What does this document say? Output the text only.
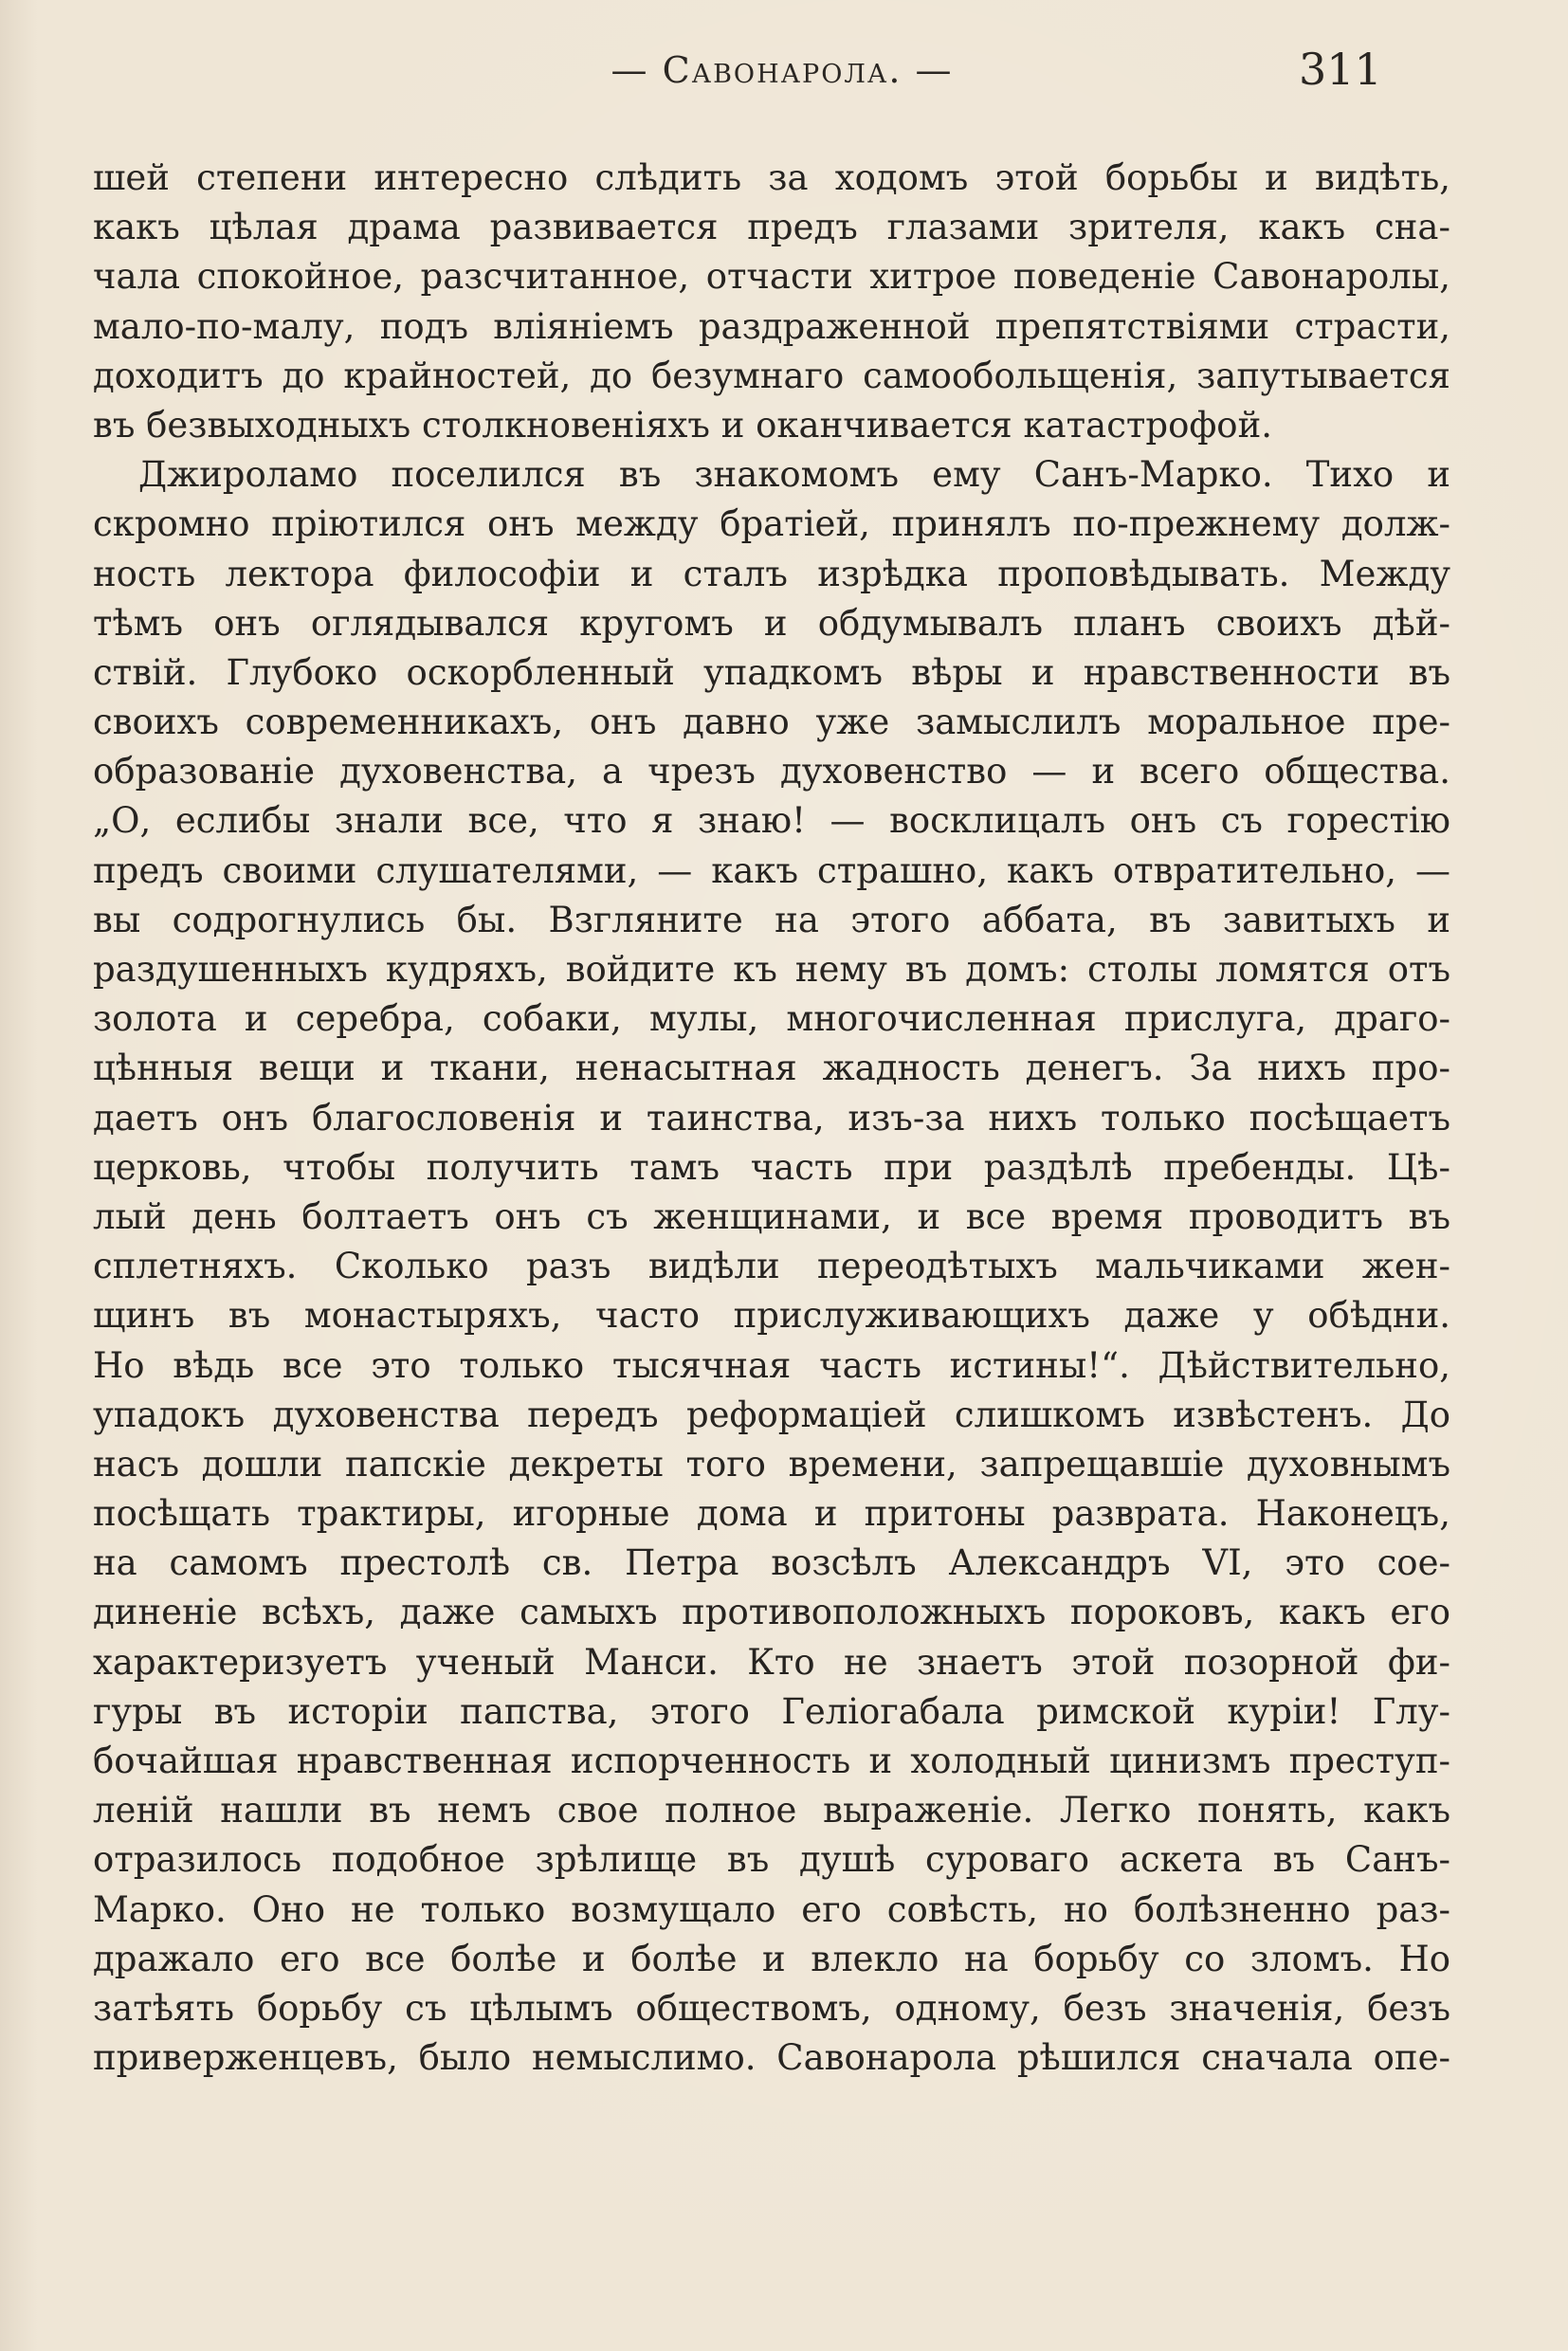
— Савонарола. —	311
шей степени интересно слѣдить за ходомъ этой борьбы и видѣть,
какъ цѣлая драма развивается предъ глазами зрителя, какъ сна-
чала спокойное, разсчитанное, отчасти хитрое поведеніе Савонаролы,
мало-по-малу, подъ вліяніемъ раздраженной препятствіями страсти,
доходитъ до крайностей, до безумнаго самообольщенія, запутывается
въ безвыходныхъ столкновеніяхъ и оканчивается катастрофой.
Джироламо поселился въ знакомомъ ему Санъ-Марко. Тихо и
скромно пріютился онъ между братіей, принялъ по-прежнему долж-
ность лектора философіи и сталъ изрѣдка проповѣдывать. Между
тѣмъ онъ оглядывался кругомъ и обдумывалъ планъ своихъ дѣй-
ствій. Глубоко оскорбленный упадкомъ вѣры и нравственности въ
своихъ современникахъ, онъ давно уже замыслилъ моральное пре-
образованіе духовенства, а чрезъ духовенство — и всего общества.
„О, еслибы знали все, что я знаю! — восклицалъ онъ съ горестію
предъ своими слушателями, — какъ страшно, какъ отвратительно, —
вы содрогнулись бы. Взгляните на этого аббата, въ завитыхъ и
раздушенныхъ кудряхъ, войдите къ нему въ домъ: столы ломятся отъ
золота и серебра, собаки, мулы, многочисленная прислуга, драго-
цѣнныя вещи и ткани, ненасытная жадность денегъ. За нихъ про-
даетъ онъ благословенія и таинства, изъ-за нихъ только посѣщаетъ
церковь, чтобы получить тамъ часть при раздѣлѣ пребенды. Цѣ-
лый день болтаетъ онъ съ женщинами, и все время проводитъ въ
сплетняхъ. Сколько разъ видѣли переодѣтыхъ мальчиками жен-
щинъ въ монастыряхъ, часто прислуживающихъ даже у обѣдни.
Но вѣдь все это только тысячная часть истины!“. Дѣйствительно,
упадокъ духовенства передъ реформаціей слишкомъ извѣстенъ. До
насъ дошли папскіе декреты того времени, запрещавшіе духовнымъ
посѣщать трактиры, игорные дома и притоны разврата. Наконецъ,
на самомъ престолѣ св. Петра возсѣлъ Александръ VI, это сое-
диненіе всѣхъ, даже самыхъ противоположныхъ пороковъ, какъ его
характеризуетъ ученый Манси. Кто не знаетъ этой позорной фи-
гуры въ исторіи папства, этого Геліогабала римской куріи! Глу-
бочайшая нравственная испорченность и холодный цинизмъ преступ-
леній нашли въ немъ свое полное выраженіе. Легко понять, какъ
отразилось подобное зрѣлище въ душѣ суроваго аскета въ Санъ-
Марко. Оно не только возмущало его совѣсть, но болѣзненно раз-
дражало его все болѣе и болѣе и влекло на борьбу со зломъ. Но
затѣять борьбу съ цѣлымъ обществомъ, одному, безъ значенія, безъ
приверженцевъ, было немыслимо. Савонарола рѣшился сначала опе-
